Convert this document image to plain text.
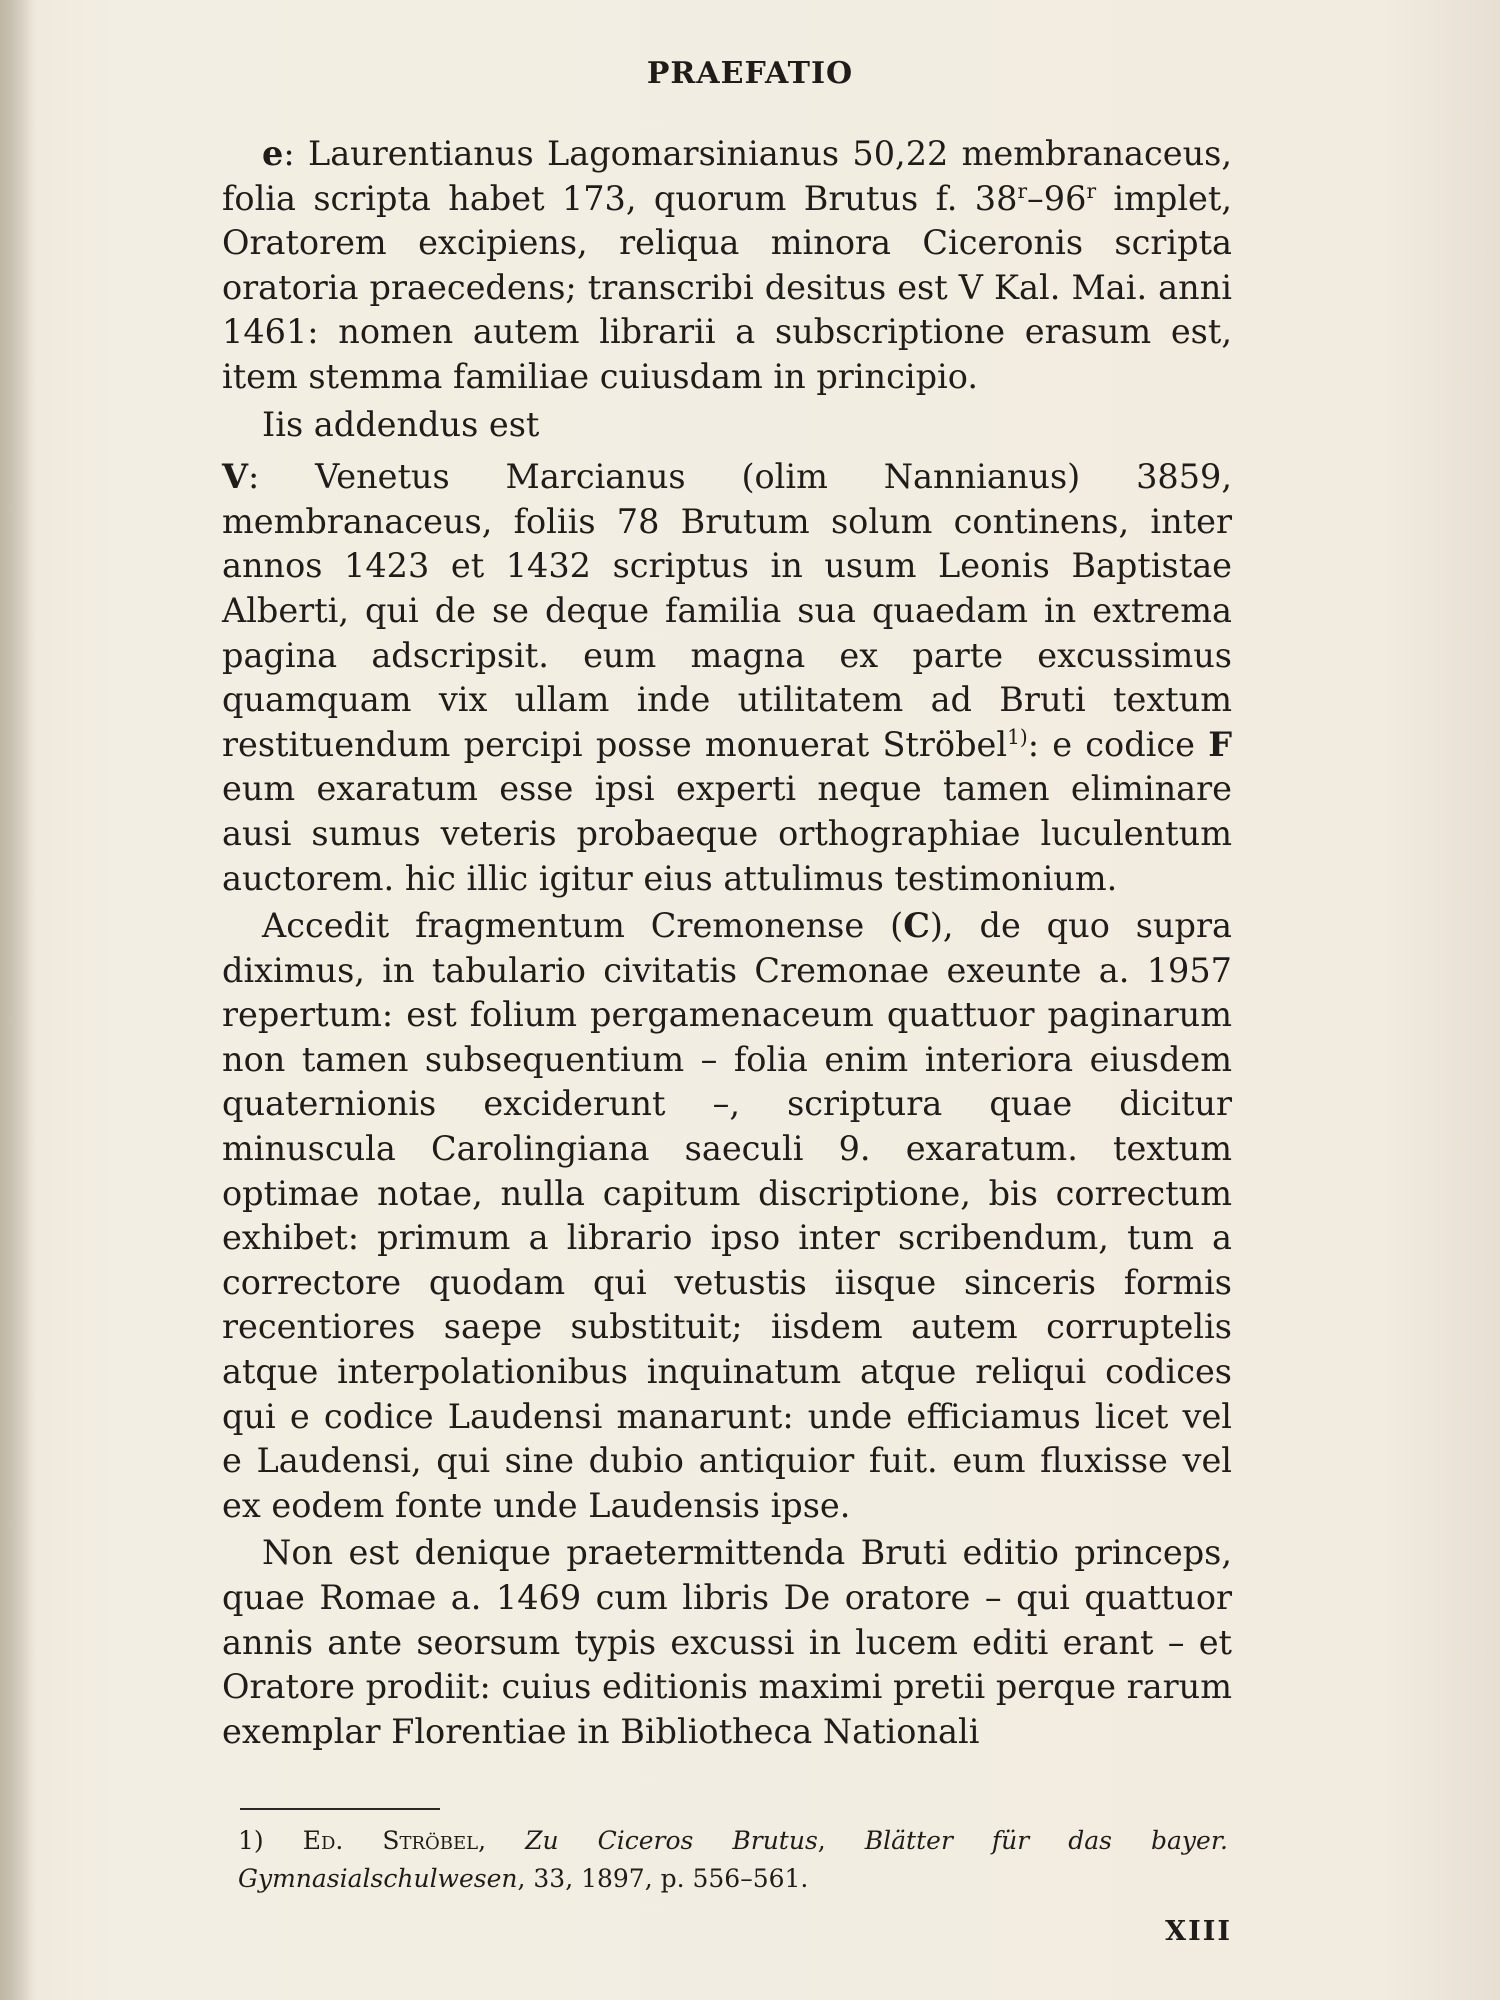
PRAEFATIO

e: Laurentianus Lagomarsinianus 50,22 membranaceus, folia scripta habet 173, quorum Brutus f. 38$^r$–96$^r$ implet, Oratorem excipiens, reliqua minora Ciceronis scripta oratoria praecedens; transcribi desitus est V Kal. Mai. anni 1461: nomen autem librarii a subscriptione erasum est, item stemma familiae cuiusdam in principio.

Iis addendus est

V: Venetus Marcianus (olim Nannianus) 3859, membranaceus, foliis 78 Brutum solum continens, inter annos 1423 et 1432 scriptus in usum Leonis Baptistae Alberti, qui de se deque familia sua quaedam in extrema pagina adscripsit. eum magna ex parte excussimus quamquam vix ullam inde utilitatem ad Bruti textum restituendum percipi posse monuerat Ströbel$^{1)}$: e codice F eum exaratum esse ipsi experti neque tamen eliminare ausi sumus veteris probaeque orthographiae luculentum auctorem. hic illic igitur eius attulimus testimonium.

Accedit fragmentum Cremonense (C), de quo supra diximus, in tabulario civitatis Cremonae exeunte a. 1957 repertum: est folium pergamenaceum quattuor paginarum non tamen subsequentium – folia enim interiora eiusdem quaternionis exciderunt –, scriptura quae dicitur minuscula Carolingiana saeculi 9. exaratum. textum optimae notae, nulla capitum discriptione, bis correctum exhibet: primum a librario ipso inter scribendum, tum a correctore quodam qui vetustis iisque sinceris formis recentiores saepe substituit; iisdem autem corruptelis atque interpolationibus inquinatum atque reliqui codices qui e codice Laudensi manarunt: unde efficiamus licet vel e Laudensi, qui sine dubio antiquior fuit. eum fluxisse vel ex eodem fonte unde Laudensis ipse.

Non est denique praetermittenda Bruti editio princeps, quae Romae a. 1469 cum libris De oratore – qui quattuor annis ante seorsum typis excussi in lucem editi erant – et Oratore prodiit: cuius editionis maximi pretii perque rarum exemplar Florentiae in Bibliotheca Nationali

1) Ed. Ströbel, Zu Ciceros Brutus, Blätter für das bayer. Gymnasialschulwesen, 33, 1897, p. 556–561.
XIII
